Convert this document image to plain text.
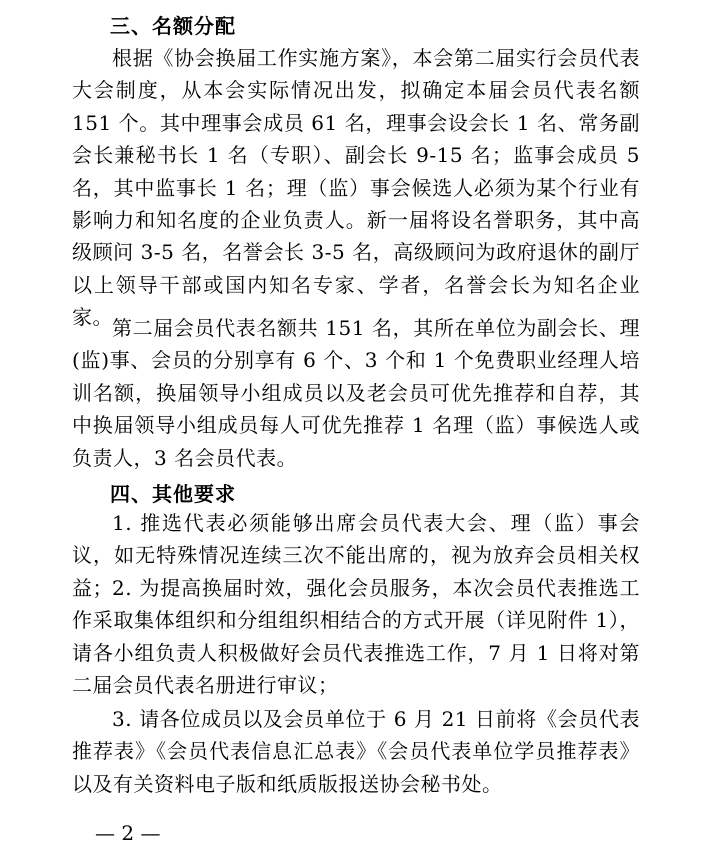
三、名额分配

根据《协会换届工作实施方案》，本会第二届实行会员代表大会制度，从本会实际情况出发，拟确定本届会员代表名额 151 个。其中理事会成员 61 名，理事会设会长 1 名、常务副会长兼秘书长 1 名（专职）、副会长 9-15 名；监事会成员 5 名，其中监事长 1 名；理（监）事会候选人必须为某个行业有影响力和知名度的企业负责人。新一届将设名誉职务，其中高级顾问 3-5 名，名誉会长 3-5 名，高级顾问为政府退休的副厅以上领导干部或国内知名专家、学者，名誉会长为知名企业家。 第二届会员代表名额共 151 名，其所在单位为副会长、理(监)事、会员的分别享有 6 个、3 个和 1 个免费职业经理人培训名额，换届领导小组成员以及老会员可优先推荐和自荐，其中换届领导小组成员每人可优先推荐 1 名理（监）事候选人或负责人，3 名会员代表。

四、其他要求

1. 推选代表必须能够出席会员代表大会、理（监）事会议，如无特殊情况连续三次不能出席的，视为放弃会员相关权益； 2. 为提高换届时效，强化会员服务，本次会员代表推选工作采取集体组织和分组组织相结合的方式开展（详见附件 1），请各小组负责人积极做好会员代表推选工作，7 月 1 日将对第二届会员代表名册进行审议；

3. 请各位成员以及会员单位于 6 月 21 日前将《会员代表推荐表》《会员代表信息汇总表》《会员代表单位学员推荐表》以及有关资料电子版和纸质版报送协会秘书处。

— 2 —
